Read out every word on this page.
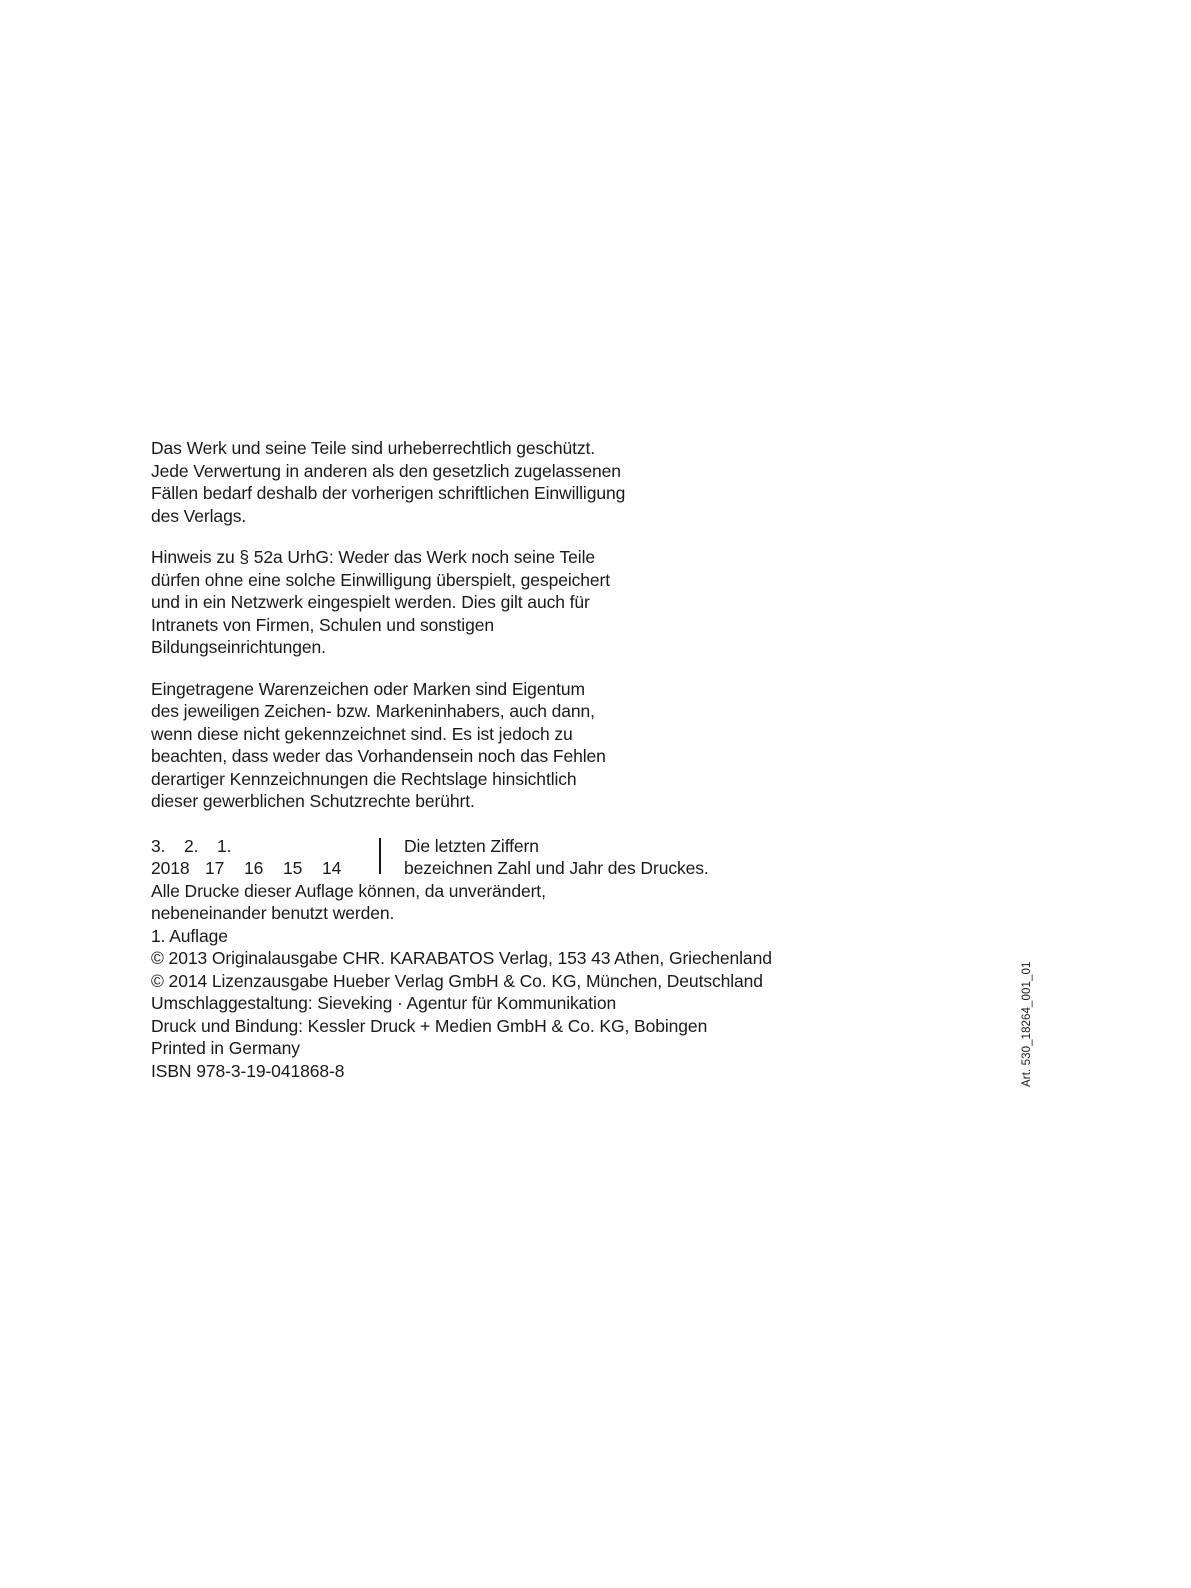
Das Werk und seine Teile sind urheberrechtlich geschützt.
Jede Verwertung in anderen als den gesetzlich zugelassenen
Fällen bedarf deshalb der vorherigen schriftlichen Einwilligung
des Verlags.

Hinweis zu § 52a UrhG: Weder das Werk noch seine Teile
dürfen ohne eine solche Einwilligung überspielt, gespeichert
und in ein Netzwerk eingespielt werden. Dies gilt auch für
Intranets von Firmen, Schulen und sonstigen
Bildungseinrichtungen.

Eingetragene Warenzeichen oder Marken sind Eigentum
des jeweiligen Zeichen- bzw. Markeninhabers, auch dann,
wenn diese nicht gekennzeichnet sind. Es ist jedoch zu
beachten, dass weder das Vorhandensein noch das Fehlen
derartiger Kennzeichnungen die Rechtslage hinsichtlich
dieser gewerblichen Schutzrechte berührt.

3.	2.	1.
2018 17	16	15	14
Die letzten Ziffern
bezeichnen Zahl und Jahr des Druckes.
Alle Drucke dieser Auflage können, da unverändert,
nebeneinander benutzt werden.
1. Auflage
© 2013 Originalausgabe CHR. KARABATOS Verlag, 153 43 Athen, Griechenland
© 2014 Lizenzausgabe Hueber Verlag GmbH & Co. KG, München, Deutschland
Umschlaggestaltung: Sieveking · Agentur für Kommunikation
Druck und Bindung: Kessler Druck + Medien GmbH & Co. KG, Bobingen
Printed in Germany
ISBN 978-3-19-041868-8	Art. 530_18264_001_01
